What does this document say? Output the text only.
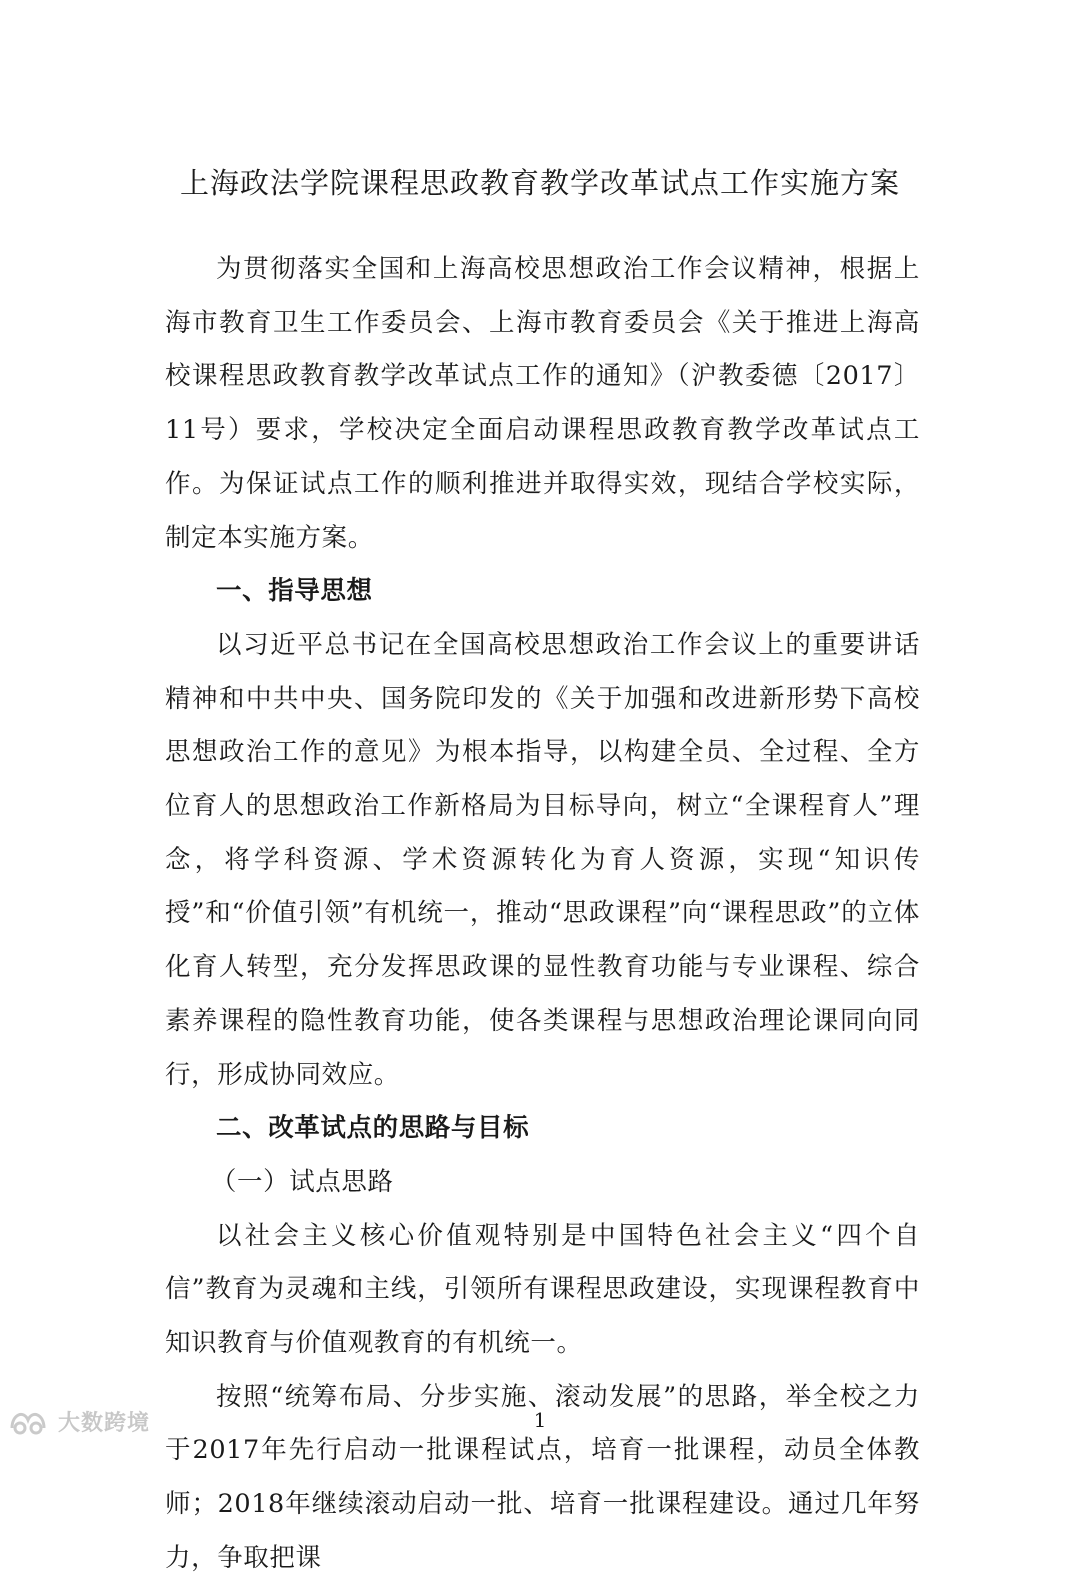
上海政法学院课程思政教育教学改革试点工作实施方案

为贯彻落实全国和上海高校思想政治工作会议精神，根据上海市教育卫生工作委员会、上海市教育委员会《关于推进上海高校课程思政教育教学改革试点工作的通知》（沪教委德〔2017〕11号）要求，学校决定全面启动课程思政教育教学改革试点工作。为保证试点工作的顺利推进并取得实效，现结合学校实际，制定本实施方案。

一、指导思想

以习近平总书记在全国高校思想政治工作会议上的重要讲话精神和中共中央、国务院印发的《关于加强和改进新形势下高校思想政治工作的意见》为根本指导，以构建全员、全过程、全方位育人的思想政治工作新格局为目标导向，树立“全课程育人”理念，将学科资源、学术资源转化为育人资源，实现“知识传授”和“价值引领”有机统一，推动“思政课程”向“课程思政”的立体化育人转型，充分发挥思政课的显性教育功能与专业课程、综合素养课程的隐性教育功能，使各类课程与思想政治理论课同向同行，形成协同效应。

二、改革试点的思路与目标

（一）试点思路

以社会主义核心价值观特别是中国特色社会主义“四个自信”教育为灵魂和主线，引领所有课程思政建设，实现课程教育中知识教育与价值观教育的有机统一。

按照“统筹布局、分步实施、滚动发展”的思路，举全校之力于2017年先行启动一批课程试点，培育一批课程，动员全体教师；2018年继续滚动启动一批、培育一批课程建设。通过几年努力，争取把课

1
大数跨境
